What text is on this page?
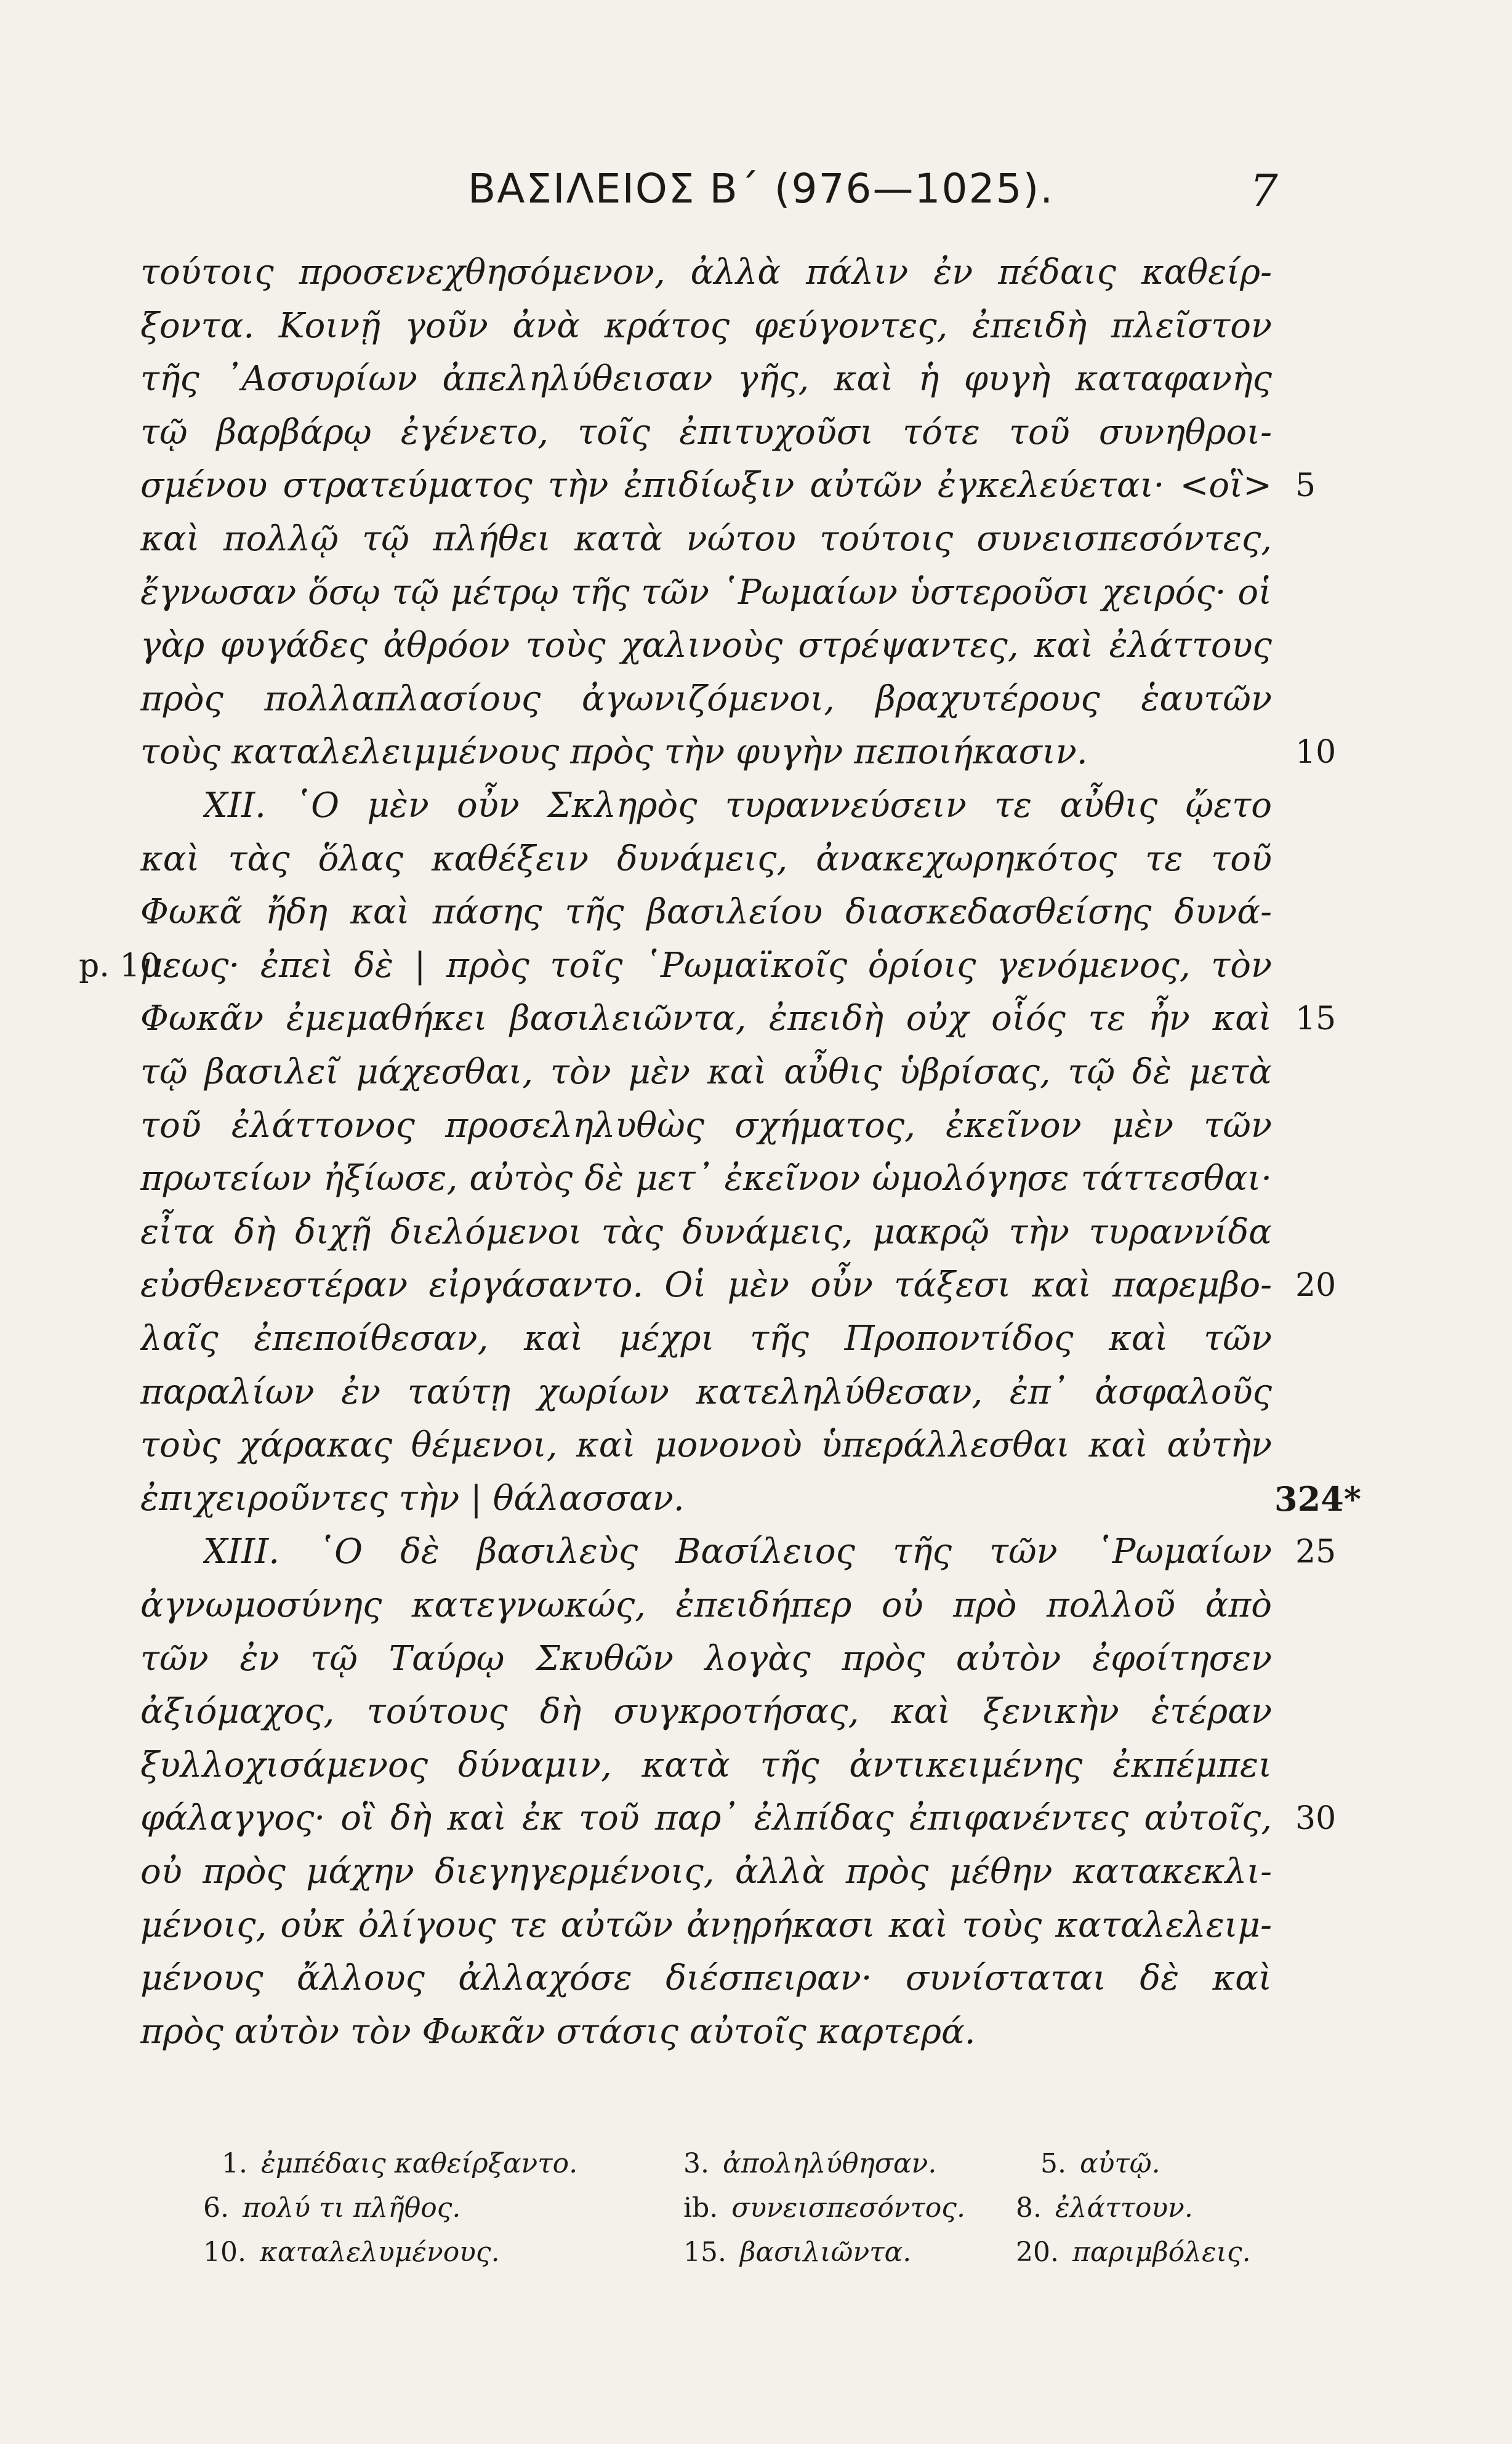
ΒΑΣΙΛΕΙΟΣ Β΄ (976—1025).	7
τούτοις προσενεχθησόμενον, ἀλλὰ πάλιν ἐν πέδαις καθείρ-
ξοντα. Κοινῇ γοῦν ἀνὰ κράτος φεύγοντες, ἐπειδὴ πλεῖστον
τῆς ᾿Ασσυρίων ἀπεληλύθεισαν γῆς, καὶ ἡ φυγὴ καταφανὴς
τῷ βαρβάρῳ ἐγένετο, τοῖς ἐπιτυχοῦσι τότε τοῦ συνηθροι-
σμένου στρατεύματος τὴν ἐπιδίωξιν αὐτῶν ἐγκελεύεται· <οἳ> 5
καὶ πολλῷ τῷ πλήθει κατὰ νώτου τούτοις συνεισπεσόντες,
ἔγνωσαν ὅσῳ τῷ μέτρῳ τῆς τῶν ῾Ρωμαίων ὑστεροῦσι χειρός· οἱ
γὰρ φυγάδες ἀθρόον τοὺς χαλινοὺς στρέψαντες, καὶ ἐλάττους
πρὸς πολλαπλασίους ἀγωνιζόμενοι, βραχυτέρους ἑαυτῶν
τοὺς καταλελειμμένους πρὸς τὴν φυγὴν πεποιήκασιν.	10
XII. ῾Ο μὲν οὖν Σκληρὸς τυραννεύσειν τε αὖθις ᾤετο
καὶ τὰς ὅλας καθέξειν δυνάμεις, ἀνακεχωρηκότος τε τοῦ
Φωκᾶ ἤδη καὶ πάσης τῆς βασιλείου διασκεδασθείσης δυνά-
μεως· ἐπεὶ δὲ | πρὸς τοῖς ῾Ρωμαϊκοῖς ὁρίοις γενόμενος, τὸν
p. 10
Φωκᾶν ἐμεμαθήκει βασιλειῶντα, ἐπειδὴ οὐχ οἷός τε ἦν καὶ 15
τῷ βασιλεῖ μάχεσθαι, τὸν μὲν καὶ αὖθις ὑβρίσας, τῷ δὲ μετὰ
τοῦ ἐλάττονος προσεληλυθὼς σχήματος, ἐκεῖνον μὲν τῶν
πρωτείων ἠξίωσε, αὐτὸς δὲ μετ᾿ ἐκεῖνον ὡμολόγησε τάττεσθαι·
εἶτα δὴ διχῇ διελόμενοι τὰς δυνάμεις, μακρῷ τὴν τυραννίδα
εὐσθενεστέραν εἰργάσαντο. Οἱ μὲν οὖν τάξεσι καὶ παρεμβο- 20
λαῖς ἐπεποίθεσαν, καὶ μέχρι τῆς Προποντίδος καὶ τῶν
παραλίων ἐν ταύτῃ χωρίων κατεληλύθεσαν, ἐπ᾿ ἀσφαλοῦς
τοὺς χάρακας θέμενοι, καὶ μονονοὺ ὑπεράλλεσθαι καὶ αὐτὴν
ἐπιχειροῦντες τὴν | θάλασσαν.	324*
XIII. ῾Ο δὲ βασιλεὺς Βασίλειος τῆς τῶν ῾Ρωμαίων 25
ἀγνωμοσύνης κατεγνωκώς, ἐπειδήπερ οὐ πρὸ πολλοῦ ἀπὸ
τῶν ἐν τῷ Ταύρῳ Σκυθῶν λογὰς πρὸς αὐτὸν ἐφοίτησεν
ἀξιόμαχος, τούτους δὴ συγκροτήσας, καὶ ξενικὴν ἑτέραν
ξυλλοχισάμενος δύναμιν, κατὰ τῆς ἀντικειμένης ἐκπέμπει
φάλαγγος· οἳ δὴ καὶ ἐκ τοῦ παρ᾿ ἐλπίδας ἐπιφανέντες αὐτοῖς, 30
οὐ πρὸς μάχην διεγηγερμένοις, ἀλλὰ πρὸς μέθην κατακεκλι-
μένοις, οὐκ ὀλίγους τε αὐτῶν ἀνῃρήκασι καὶ τοὺς καταλελειμ-
μένους ἄλλους ἀλλαχόσε διέσπειραν· συνίσταται δὲ καὶ
πρὸς αὐτὸν τὸν Φωκᾶν στάσις αὐτοῖς καρτερά.
1. ἐμπέδαις καθείρξαντο.	3. ἀποληλύθησαν.	5. αὐτῷ.
6. πολύ τι πλῆθος.	ib. συνεισπεσόντος. 8. ἐλάττουν.
10. καταλελυμένους.	15. βασιλιῶντα.	20. παριμβόλεις.
